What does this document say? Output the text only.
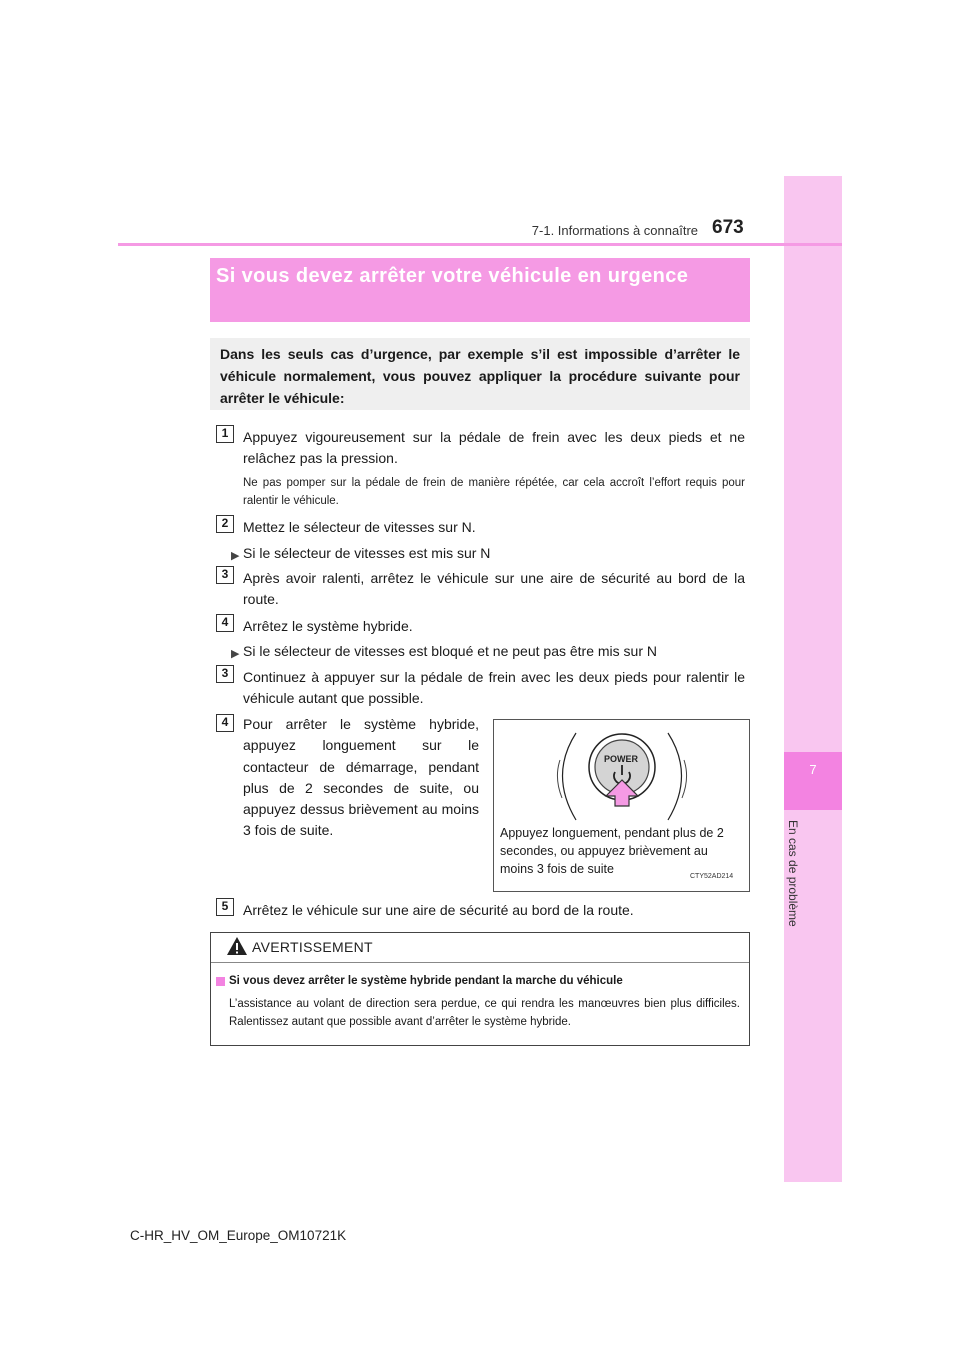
7
En cas de problème
7-1. Informations à connaître 673
Si vous devez arrêter votre véhicule en urgence
Dans les seuls cas d’urgence, par exemple s’il est impossible d’arrêter le véhicule normalement, vous pouvez appliquer la procédure suivante pour arrêter le véhicule:
1	Appuyez vigoureusement sur la pédale de frein avec les deux pieds et ne relâchez pas la pression.
Ne pas pomper sur la pédale de frein de manière répétée, car cela accroît l’effort requis pour ralentir le véhicule.
2	Mettez le sélecteur de vitesses sur N.
▶ Si le sélecteur de vitesses est mis sur N
3	Après avoir ralenti, arrêtez le véhicule sur une aire de sécurité au bord de la route.
4	Arrêtez le système hybride.
▶ Si le sélecteur de vitesses est bloqué et ne peut pas être mis sur N
3	Continuez à appuyer sur la pédale de frein avec les deux pieds pour ralentir le véhicule autant que possible.
4	Pour arrêter le système hybride, appuyez longuement sur le contacteur de démarrage, pendant plus de 2 secondes de suite, ou appuyez dessus brièvement au moins 3 fois de suite.
POWER
Appuyez longuement, pendant plus de 2 secondes, ou appuyez brièvement au moins 3 fois de suite
CTY52AD214
5	Arrêtez le véhicule sur une aire de sécurité au bord de la route.
AVERTISSEMENT
Si vous devez arrêter le système hybride pendant la marche du véhicule
L’assistance au volant de direction sera perdue, ce qui rendra les manœuvres bien plus difficiles. Ralentissez autant que possible avant d’arrêter le système hybride.
C-HR_HV_OM_Europe_OM10721K
